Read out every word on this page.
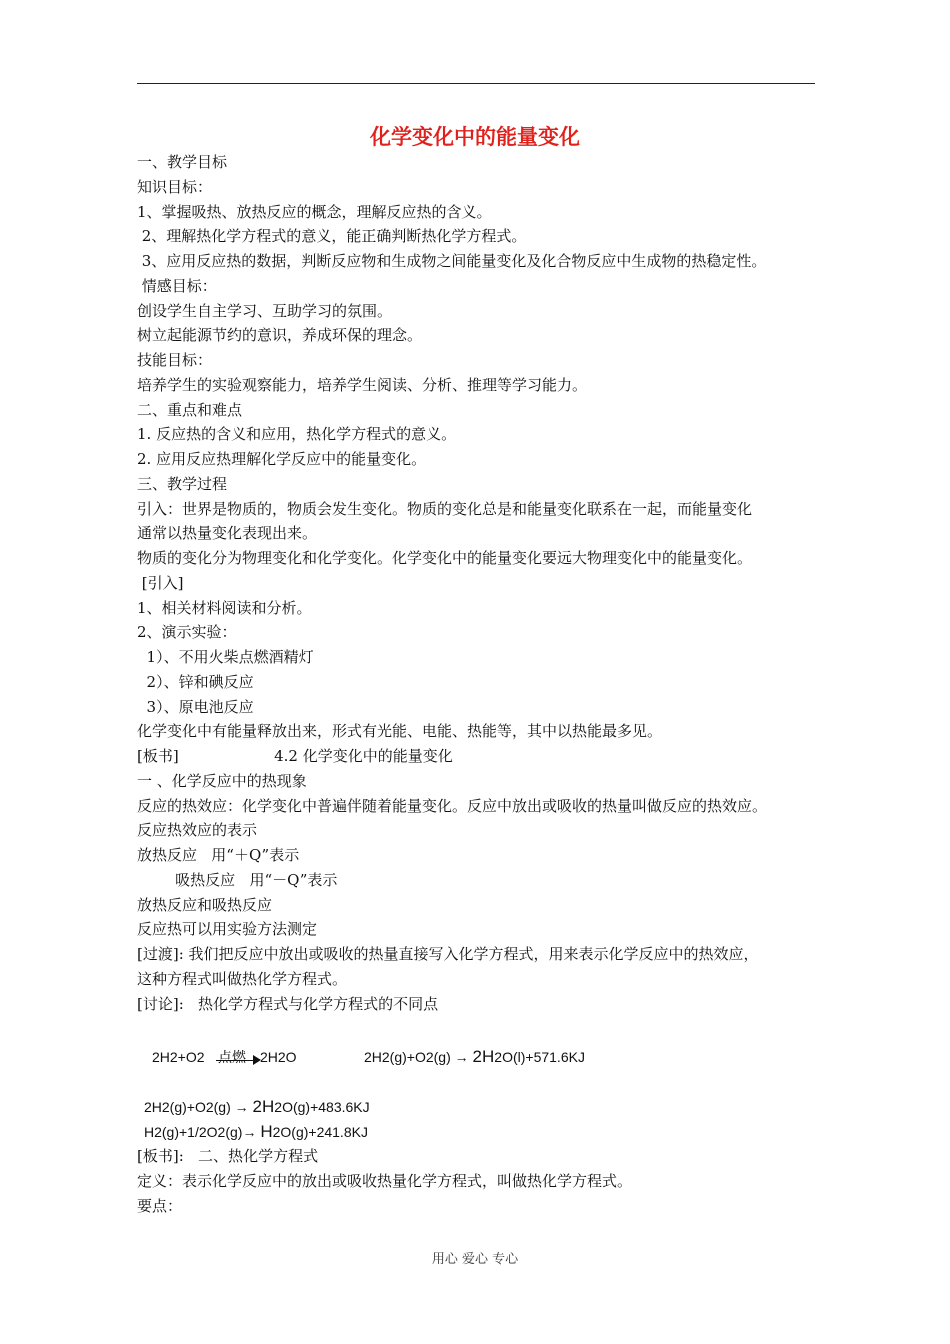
化学变化中的能量变化
一、教学目标
知识目标：
1、掌握吸热、放热反应的概念，理解反应热的含义。
2、理解热化学方程式的意义，能正确判断热化学方程式。
3、应用反应热的数据，判断反应物和生成物之间能量变化及化合物反应中生成物的热稳定性。
情感目标：
创设学生自主学习、互助学习的氛围。
树立起能源节约的意识，养成环保的理念。
技能目标：
培养学生的实验观察能力，培养学生阅读、分析、推理等学习能力。
二、重点和难点
1. 反应热的含义和应用，热化学方程式的意义。
2. 应用反应热理解化学反应中的能量变化。
三、教学过程
引入：世界是物质的，物质会发生变化。物质的变化总是和能量变化联系在一起，而能量变化
通常以热量变化表现出来。
物质的变化分为物理变化和化学变化。化学变化中的能量变化要远大物理变化中的能量变化。
[引入]
1、相关材料阅读和分析。
2、演示实验：
1）、不用火柴点燃酒精灯
2）、锌和碘反应
3）、原电池反应
化学变化中有能量释放出来，形式有光能、电能、热能等，其中以热能最多见。
[板书]                    4.2 化学变化中的能量变化
一 、化学反应中的热现象
反应的热效应：化学变化中普遍伴随着能量变化。反应中放出或吸收的热量叫做反应的热效应。
反应热效应的表示
放热反应   用“＋Q”表示
吸热反应   用“－Q”表示
放热反应和吸热反应
反应热可以用实验方法测定
[过渡]: 我们把反应中放出或吸收的热量直接写入化学方程式，用来表示化学反应中的热效应，
这种方程式叫做热化学方程式。
[讨论]:   热化学方程式与化学方程式的不同点
2H2+O2 点燃 2H2O	2H2(g)+O2(g) → 2H2O(l)+571.6KJ
2H2(g)+O2(g) → 2H2O(g)+483.6KJ
H2(g)+1/2O2(g)→ H2O(g)+241.8KJ
[板书]:   二、热化学方程式
定义：表示化学反应中的放出或吸收热量化学方程式，叫做热化学方程式。
要点：
用心 爱心 专心
